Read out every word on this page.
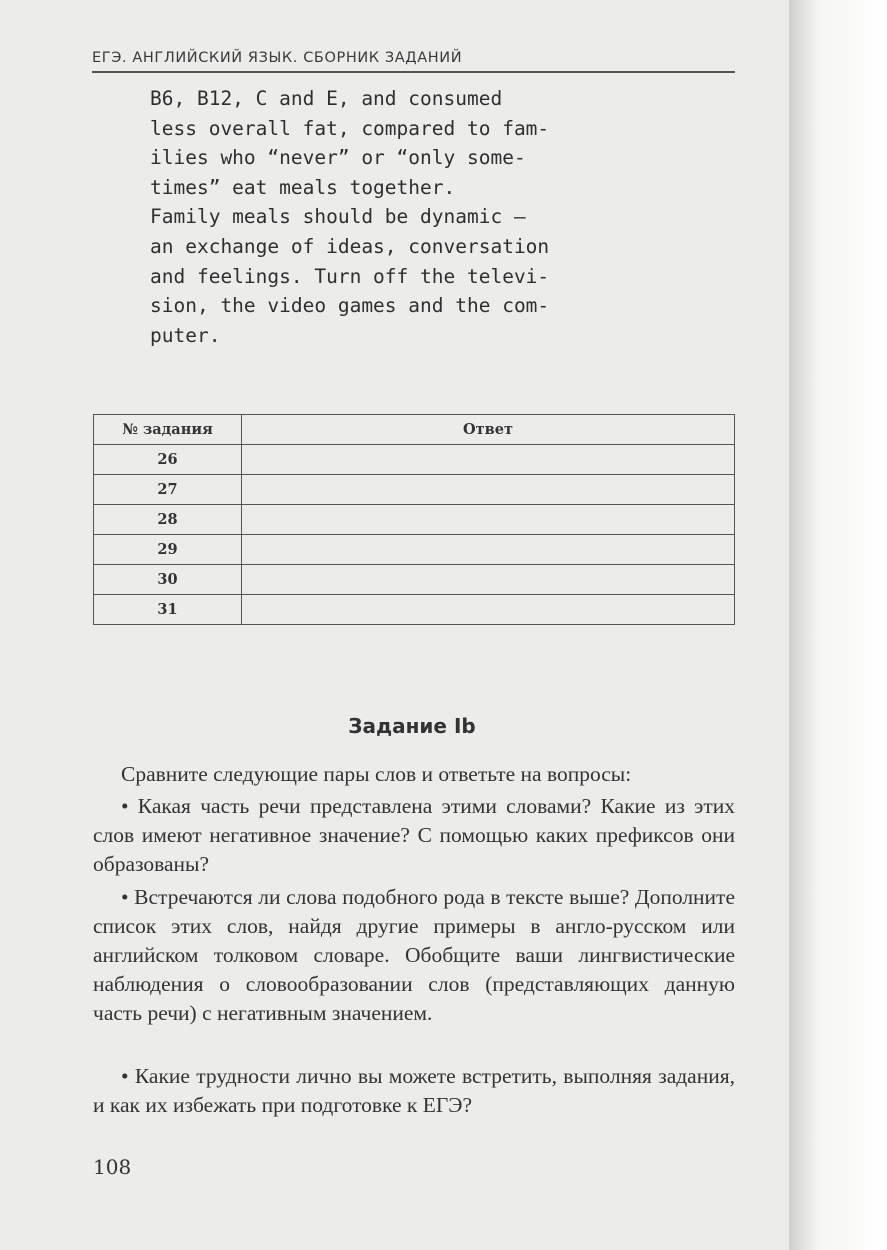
ЕГЭ. АНГЛИЙСКИЙ ЯЗЫК. СБОРНИК ЗАДАНИЙ
B6, B12, C and E, and consumed
less overall fat, compared to fam-
ilies who “never” or “only some-
times” eat meals together.
Family meals should be dynamic —
an exchange of ideas, conversation
and feelings. Turn off the televi-
sion, the video games and the com-
puter.
№ задания	Ответ
26	
27	
28	
29	
30	
31	
Задание Ib
Сравните следующие пары слов и ответьте на вопросы:
• Какая часть речи представлена этими словами? Какие из этих слов имеют негативное значение? С помощью каких префиксов они образованы?
• Встречаются ли слова подобного рода в тексте выше? Дополните список этих слов, найдя другие примеры в англо-русском или английском толковом словаре. Обобщите ваши лингвистические наблюдения о словообразовании слов (представляющих данную часть речи) с негативным значением.
• Какие трудности лично вы можете встретить, выполняя задания, и как их избежать при подготовке к ЕГЭ?
108
